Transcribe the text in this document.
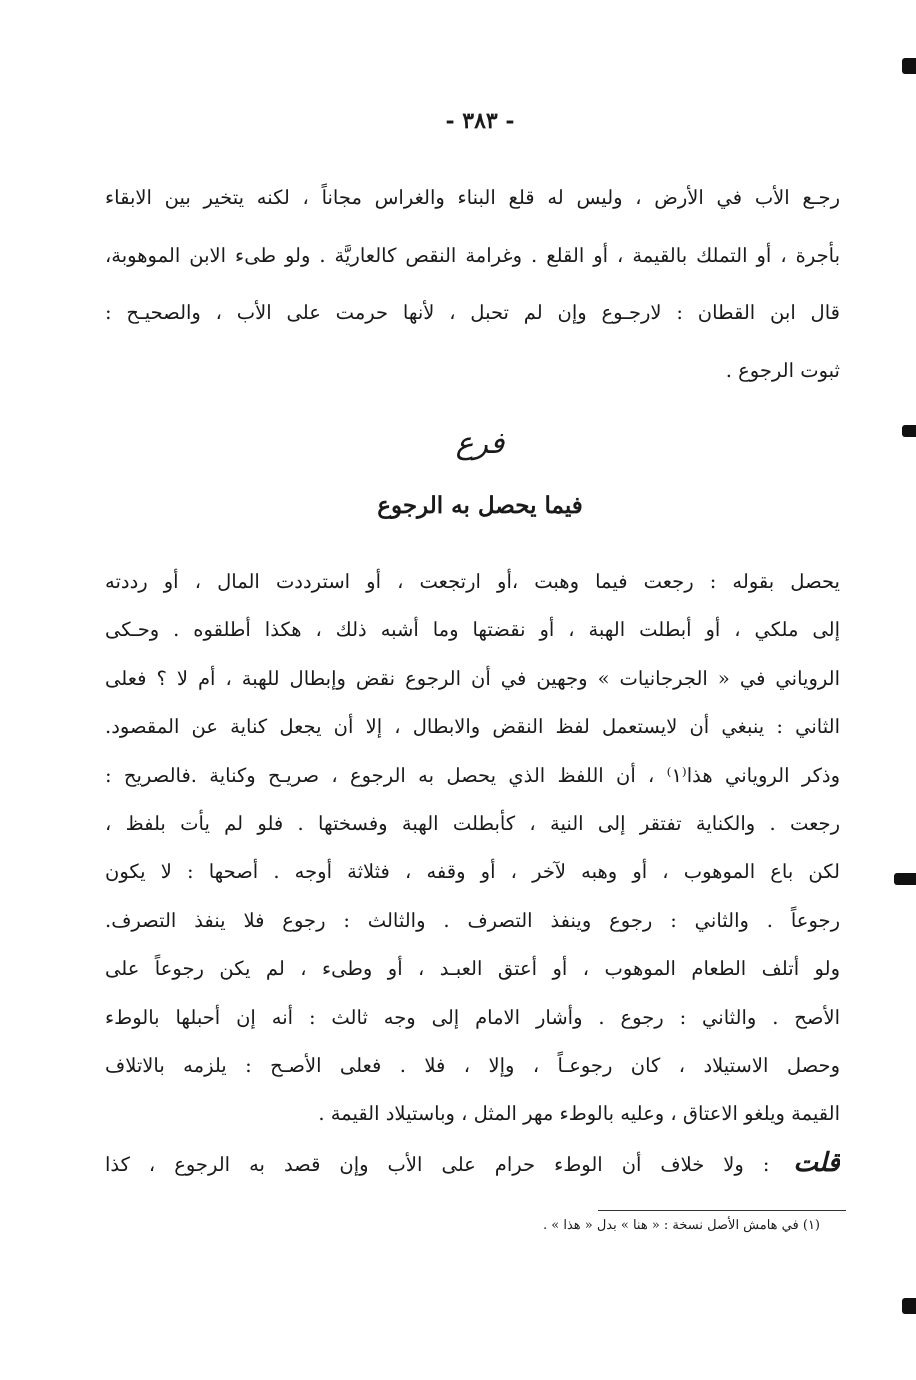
- ٣٨٣ -
رجـع الأب في الأرض ، وليس له قلع البناء والغراس مجاناً ، لكنه يتخير بين الابقاء
بأجرة ، أو التملك بالقيمة ، أو القلع . وغرامة النقص كالعاريَّة . ولو طىء الابن الموهوبة،
قال ابن القطان : لارجـوع وإن لم تحبل ، لأنها حرمت على الأب ، والصحيـح :
ثبوت الرجوع .
فرع
فيما يحصل به الرجوع
يحصل بقوله : رجعت فيما وهبت ،أو ارتجعت ، أو استرددت المال ، أو رددته
إلى ملكي ، أو أبطلت الهبة ، أو نقضتها وما أشبه ذلك ، هكذا أطلقوه . وحـكى
الروياني في « الجرجانيات » وجهين في أن الرجوع نقض وإبطال للهبة ، أم لا ؟ فعلى
الثاني : ينبغي أن لايستعمل لفظ النقض والابطال ، إلا أن يجعل كناية عن المقصود.
وذكر الروياني هذا⁽١⁾ ، أن اللفظ الذي يحصل به الرجوع ، صريـح وكناية .فالصريح :
رجعت . والكناية تفتقر إلى النية ، كأبطلت الهبة وفسختها . فلو لم يأت بلفظ ،
لكن باع الموهوب ، أو وهبه لآخر ، أو وقفه ، فثلاثة أوجه . أصحها : لا يكون
رجوعاً . والثاني : رجوع وينفذ التصرف . والثالث : رجوع فلا ينفذ التصرف.
ولو أتلف الطعام الموهوب ، أو أعتق العبـد ، أو وطىء ، لم يكن رجوعاً على
الأصح . والثاني : رجوع . وأشار الامام إلى وجه ثالث : أنه إن أحبلها بالوطء
وحصل الاستيلاد ، كان رجوعـاً ، وإلا ، فلا . فعلى الأصـح : يلزمه بالاتلاف
القيمة ويلغو الاعتاق ، وعليه بالوطء مهر المثل ، وباستيلاد القيمة .
قلت: ولا خلاف أن الوطء حرام على الأب وإن قصد به الرجوع ، كذا
(١) في هامش الأصل نسخة : « هنا » بدل « هذا » .
